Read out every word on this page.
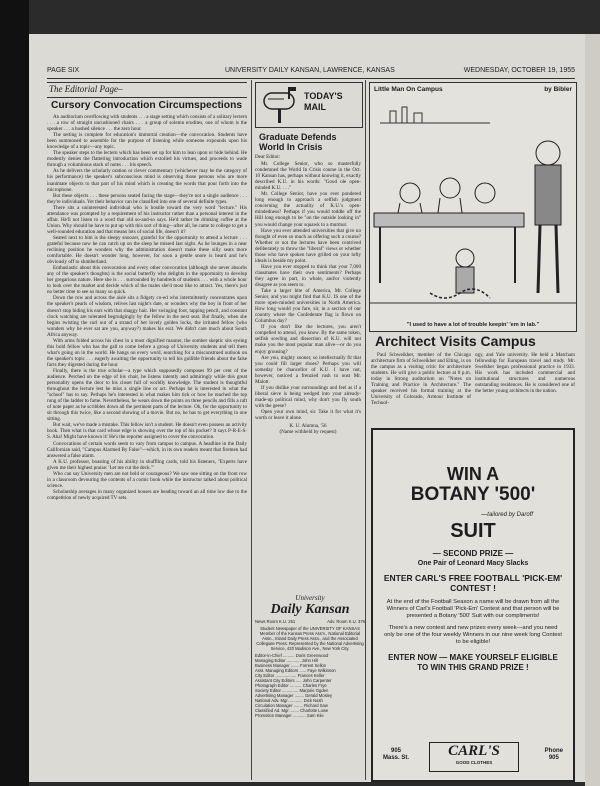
PAGE SIX	UNIVERSITY DAILY KANSAN, LAWRENCE, KANSAS	WEDNESDAY, OCTOBER 19, 1955
The Editorial Page–
Cursory Convocation Circumspections

An auditorium overflowing with students . . . a stage setting which consists of a solitary lectern . . . a row of straight uncushioned chairs . . . a group of solemn erudites, one of whom is the speaker . . . a hushed silence . . . the zero hour.

The setting is complete for education's immortal creation—the convocation. Students have been summoned to assemble for the purpose of listening while someone expounds upon his knowledge of a topic—any topic.

The speaker steps to the lectern which has been set up for him to lean upon or hide behind. He modestly denies the flattering introduction which extolled his virtues, and proceeds to wade through a voluminous stack of notes . . . his speech.

As he delivers the scholarly oration or clever commentary (whichever may be the category of his performance) the speaker's subconscious mind is observing those persons who are more inanimate objects to that part of his mind which is creating the words that pour forth into the microphone.

But these objects . . . these persons seated facing the stage—they're not a single audience . . . they're individuals. Yet their behavior can be classified into one of several definite types.

There sits a uninterested individual who is hostile toward the very word "lecture." His attendance was prompted by a requirement of his instructor rather than a personal interest in the affair. He'll not listen to a word that old so-and-so says. He'd rather be drinking coffee at the Union. Why should he have to put up with this sort of thing—after all, he came to college to get a well-rounded education and that means lots of social life, doesn't it?

Seated next to him is the sleepy snoozer, grateful for the opportunity to attend a lecture . . . grateful because now he can catch up on the sleep he missed last night. As he lounges in a near reclining position he wonders why the administration doesn't make these silly seats more comfortable. He doesn't wonder long, however, for soon a gentle snore is heard and he's obviously off to slumberland.

Enthusiastic about this convocation and every other convocation (although she never absorbs any of the speaker's thoughts) is the social butterfly who delights in the opportunity to develop her gregarious nature. Here she is . . . surrounded by hundreds of students . . . with a whole hour to look over the market and decide which of the males she'd most like to attract. Yes, there's just no better time to see so many so quick.

Down the row and across the aisle sits a fidgety co-ed who intermittently concentrates upon the speaker's pearls of wisdom, relives last night's date, or wonders why the boy in front of her doesn't stop hiding his ears with that shaggy hair. Her swinging foot, tapping pencil, and constant clock watching are tolerated begrudgingly by the fellow in the next seat. But finally, when she begins twisting the curl out of a strand of her lovely golden locks, the irritated fellow (who wonders why he ever sat are you, anyway?) makes his exit. We didn't care much about South Africa anyway.

With arms folded across his chest in a most dignified manner, the somber skeptic sits eyeing this bold fellow who has the gall to come before a group of University students and tell them what's going on in the world. He hangs on every word, searching for a misconstrued outlook on the speaker's topic . . . eagerly awaiting the opportunity to tell his gullible friends about the false facts they digested during the hour.

Finally, there is the true scholar—a type which supposedly composes 99 per cent of the audience. Perched on the edge of his chair, he listens intently and admiringly while this great personality opens the door to his closet full of worldly knowledge. The student is thoughtful throughout the lecture lest he miss a single line or act. Perhaps he is interested in what the "school" has to say. Perhaps he's interested in what makes him tick or how he reached the top rung of the ladder to fame. Nevertheless, he wears down the points on three pencils and fills a raft of note paper as he scribbles down all the pertinent parts of the lecture. Oh, for the opportunity to sit through this twice, like a second showing of a movie. But no, he has to get everything in one sitting.

But wait, we've made a mistake. This fellow isn't a student. He doesn't even possess an activity book. Then what is that card whose edge is showing over the top of his pocket? It says P-R-E-S-S. Aha! Might have known it! He's the reporter assigned to cover the convocation.

Convocations of certain words seem to vary from campus to campus. A headline in the Daily Californian said, "Campus Alarmed By False"—which, in its own readers meant that firemen had answered a false alarm.

A K.U. professor, boasting of his ability in shuffling cards, told his listeners, "Experts have given me their highest praise: 'Let me cut the deck.'"

Who can say University men are not bold or courageous? We saw one sitting on the front row in a classroom devouring the contents of a comic book while the instructor talked about political science.

Scholarship averages in many organized houses are heading toward an all time low due to the competition of newly acquired TV sets.

TODAY'S MAIL
Graduate Defends World In Crisis
Dear Editor:

Mr. College Senior, who so masterfully condemned the World In Crisis course in the Oct. 10 Kansan has, perhaps without knowing it, exactly described K.U. in his words: "Good ole open-minded K.U. . . ."

Mr. College Senior, have you ever pondered long enough to approach a selfish judgment concerning the actuality of K.U.'s open-mindedness? Perhaps if you would toddle off the Hill long enough to be "on the outside looking in" you would change your squawk to a murmur.

Have you ever attended universities that give no thought of even so much as offering such a course? Whether or not the lectures have been contrived deliberately to throw the "liberal" views or whether those who have spoken have grilled on your lofty ideals is beside my point.

Have you ever stopped to think that your 7,000 classmates have their own sentiments? Perhaps they agree in part, in whole, and/or violently disagree as you seem to.

Take a larger bite of America, Mr. College Senior, and you might find that K.U. IS one of the more open-minded universities in North America. How long would you fare, sir, in a section of our country where the Confederate flag is flown on Columbus day?

If you don't like the lectures, you aren't compelled to attend, you know. By the same token, selfish sowling and dissection of K.U. will not make you the most popular man alive—or do you enjoy grousing?

Are you, mighty sooner, so intellectually fit that you could fill larger shoes? Perhaps you will someday be chancellor of K.U. I have not, however, noticed a frenzied rush to oust Mr. Malott.

If you dislike your surroundings and feel as if a liberal sieve is being wedged into your already-made-up political mind, why don't you fly south with the geese?

Open your own mind, sir. Take it for what it's worth or leave it alone.

K. U. Alumna, '56
(Name withheld by request)
University
Daily Kansan
News Room K.U. 251	Adv. Room K.U. 376
Student Newspaper of the UNIVERSITY OF KANSAS
Member of the Kansas Press Ass'n., National Editorial Assn., Inland Daily Press Assn., and the Associated Collegiate Press. Represented by the National Advertising Service, 420 Madison Ave., New York City.
Editor-in-Chief .......... Doris Greenwood
Managing Editor ............ John Hill
Business Manager ....... Forrest Sellon
Asst. Managing Editors ...... Faye Wilkinson
City Editor .................. Frances Keller
Assistant City Editors ..... John Carpenter
Photograph Editor .......... Charles Frye
Society Editor .............. Marjorie Ogden
Advertising Manager ........ Gerald Mosley
National Adv. Mgr. ........... Dick Nash
Circulation Manager ........ Richard Saw
Classified Ad. Mgr. ....... Charlotte Lowe
Promotion Manager ........... Sam Kile
Little Man On Campus	by Bibler
"I used to have a lot of trouble keepin' 'em in lab."
Architect Visits Campus

Paul Schweikher, member of the Chicago architecture firm of Schweikher and Elting, is on the campus as a visiting critic for architecture students. He will give a public lecture at 8 p.m. today in Strong auditorium on "Notes on Training and Practice in Architecture." The speaker received his formal training at the University of Colorado, Armour Institute of Technol-

ogy, and Yale university. He held a Matcham fellowship for European travel and study. Mr. Sweikher began professional practice in 1933. His work has included commercial and institutional structures and numerous outstanding residences. He is considered one of the better young architects in the nation.

WIN A
BOTANY '500'
—tailored by Daroff
SUIT
— SECOND PRIZE —
One Pair of Leonard Macy Slacks
ENTER CARL'S FREE FOOTBALL 'PICK-EM' CONTEST !
At the end of the Football Season a name will be drawn from all the Winners of Carl's Football 'Pick-Em' Contest and that person will be presented a Botany '500' Suit with our compliments!
There's a new contest and new prizes every week—and you need only be one of the four weekly Winners in our nine week long Contest to be eligible!
ENTER NOW — MAKE YOURSELF ELIGIBLE TO WIN THIS GRAND PRIZE !
905
Mass. St.	CARL'S
GOOD CLOTHES
Phone
905
